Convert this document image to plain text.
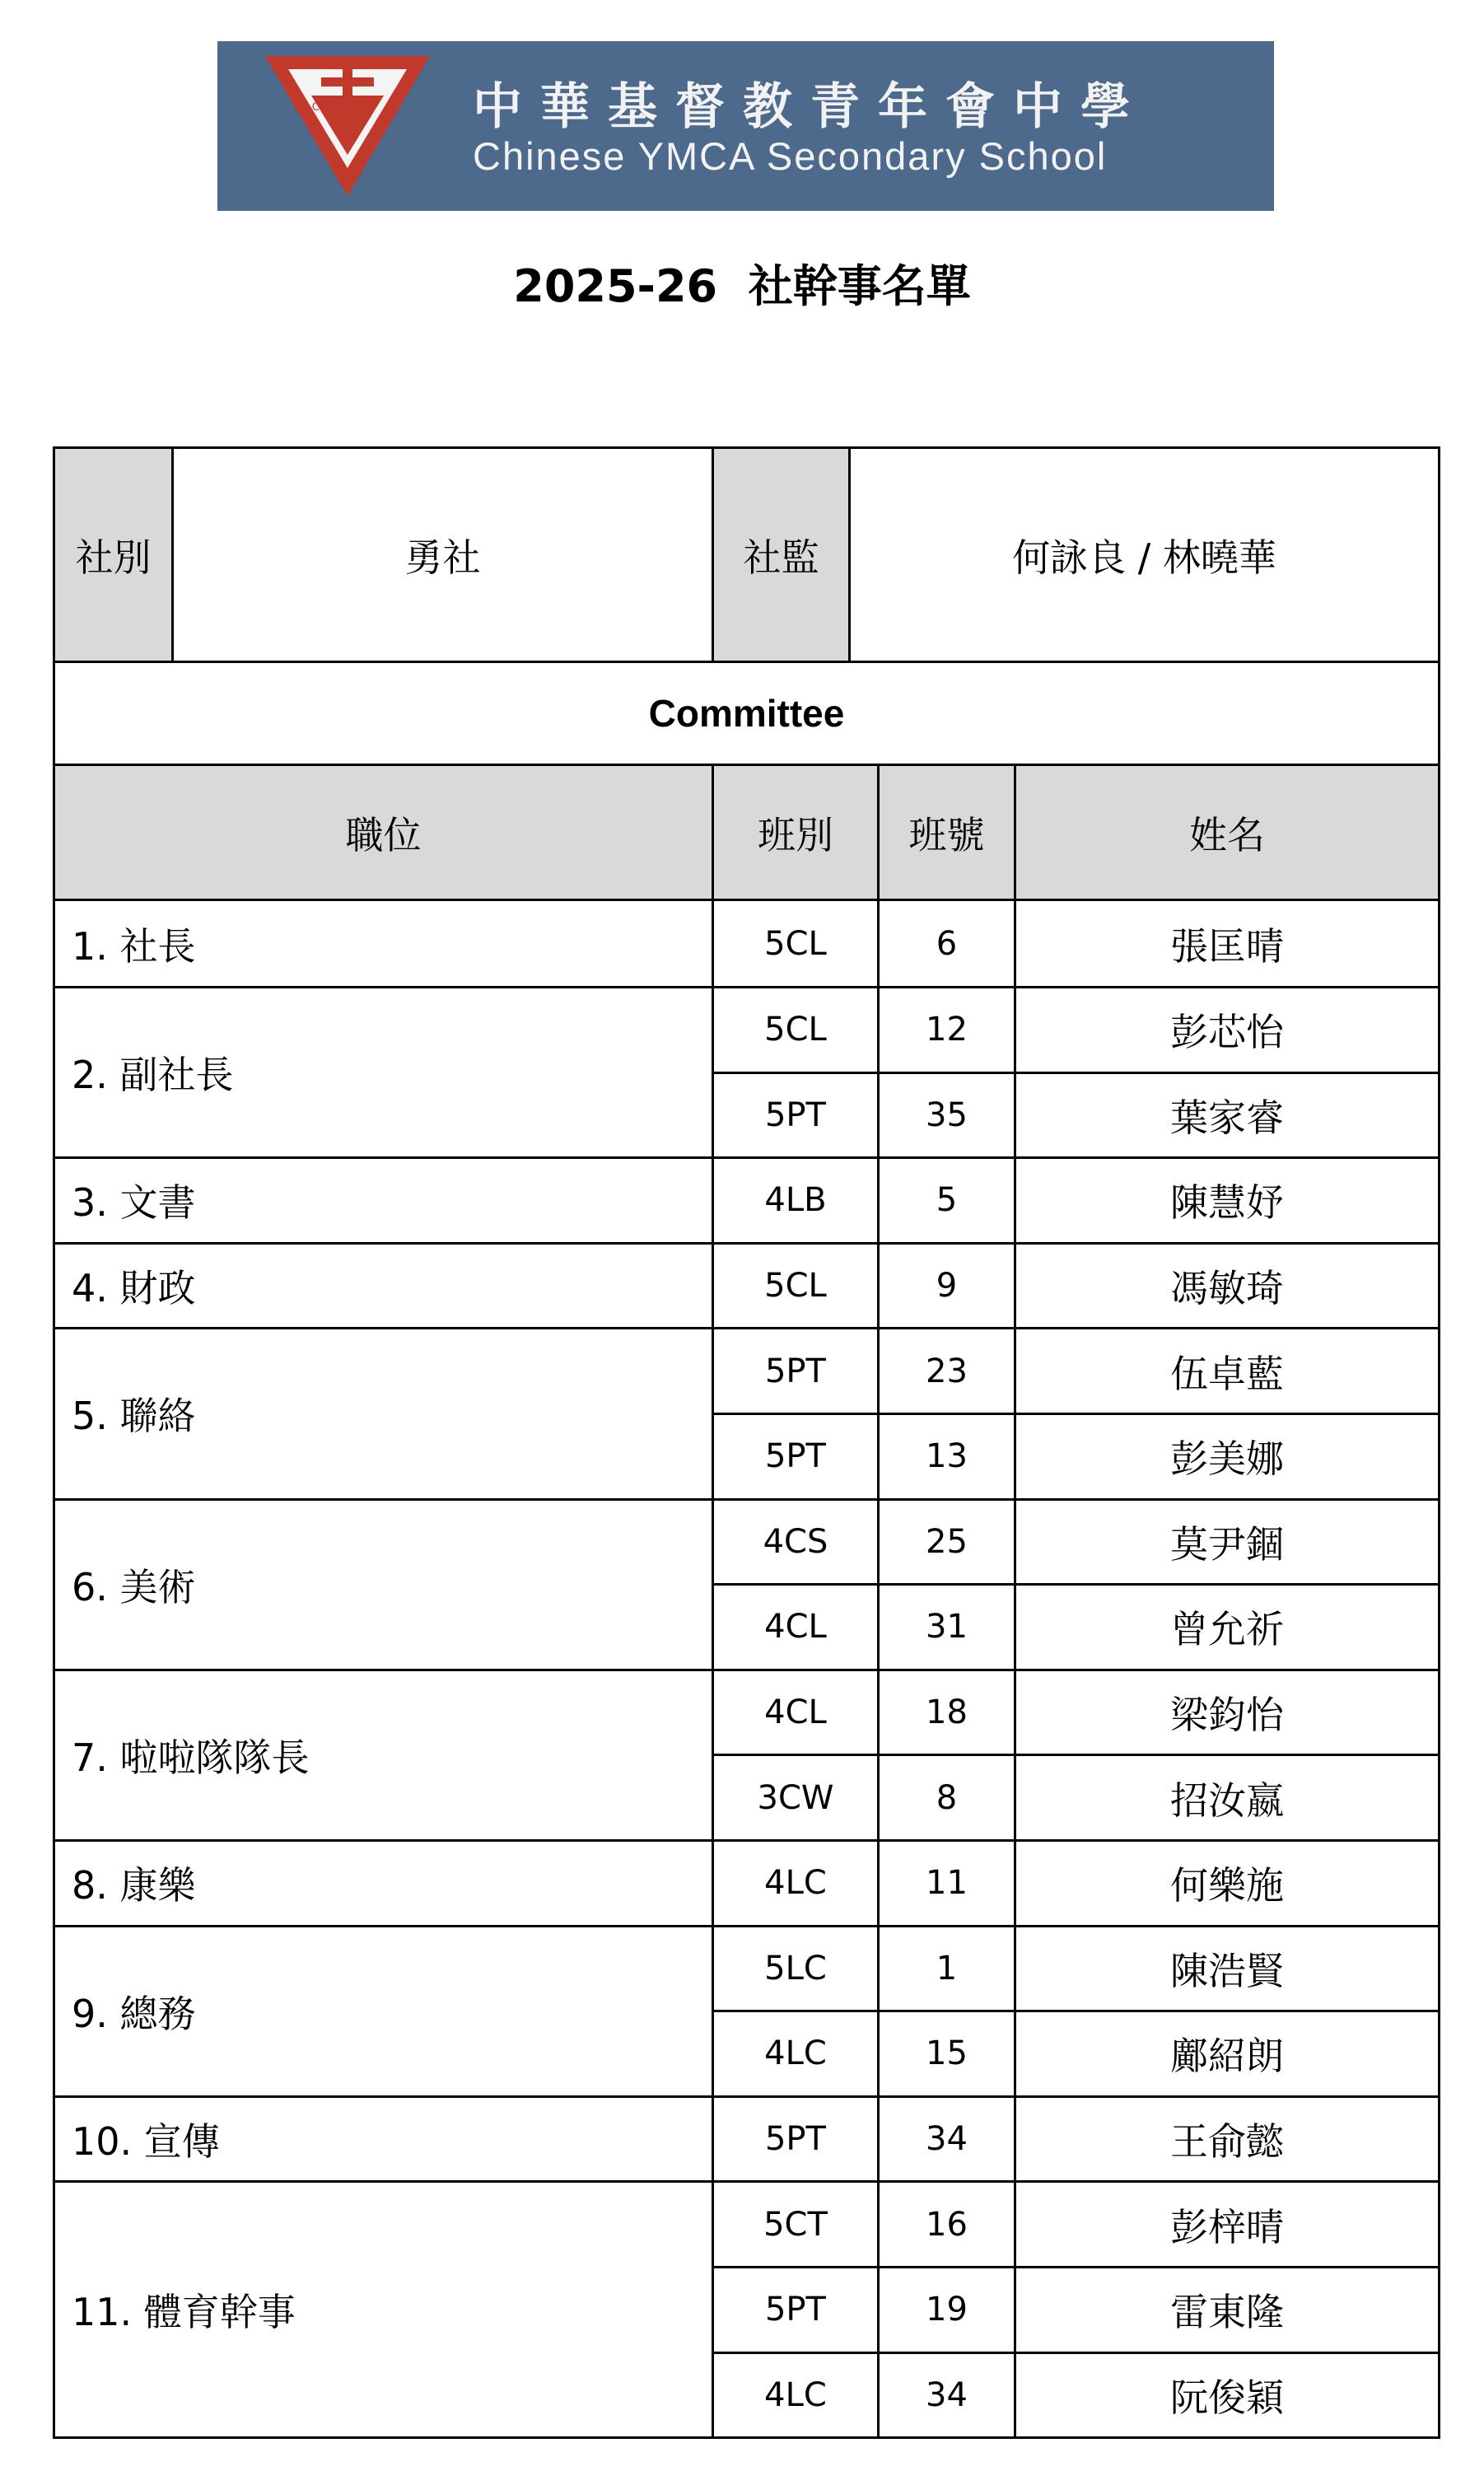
Y.M.C.A.	中華基督教青年會中學
Chinese YMCA Secondary School
2025-26  社幹事名單
社別	勇社	社監	何詠良 / 林曉華		
Committee					
職位		班別		班號	姓名
1. 社長		5CL		6	張匡晴
2. 副社長		5CL		12	彭芯怡
		5PT		35	葉家睿
3. 文書		4LB		5	陳慧妤
4. 財政		5CL		9	馮敏琦
5. 聯絡		5PT		23	伍卓藍
		5PT		13	彭美娜
6. 美術		4CS		25	莫尹錮
		4CL		31	曾允祈
7. 啦啦隊隊長		4CL		18	梁鈞怡
		3CW		8	招汝嬴
8. 康樂		4LC		11	何樂施
9. 總務		5LC		1	陳浩賢
		4LC		15	鄺紹朗
10. 宣傳		5PT		34	王俞懿
11. 體育幹事		5CT		16	彭梓晴
		5PT		19	雷東隆
		4LC		34	阮俊穎
